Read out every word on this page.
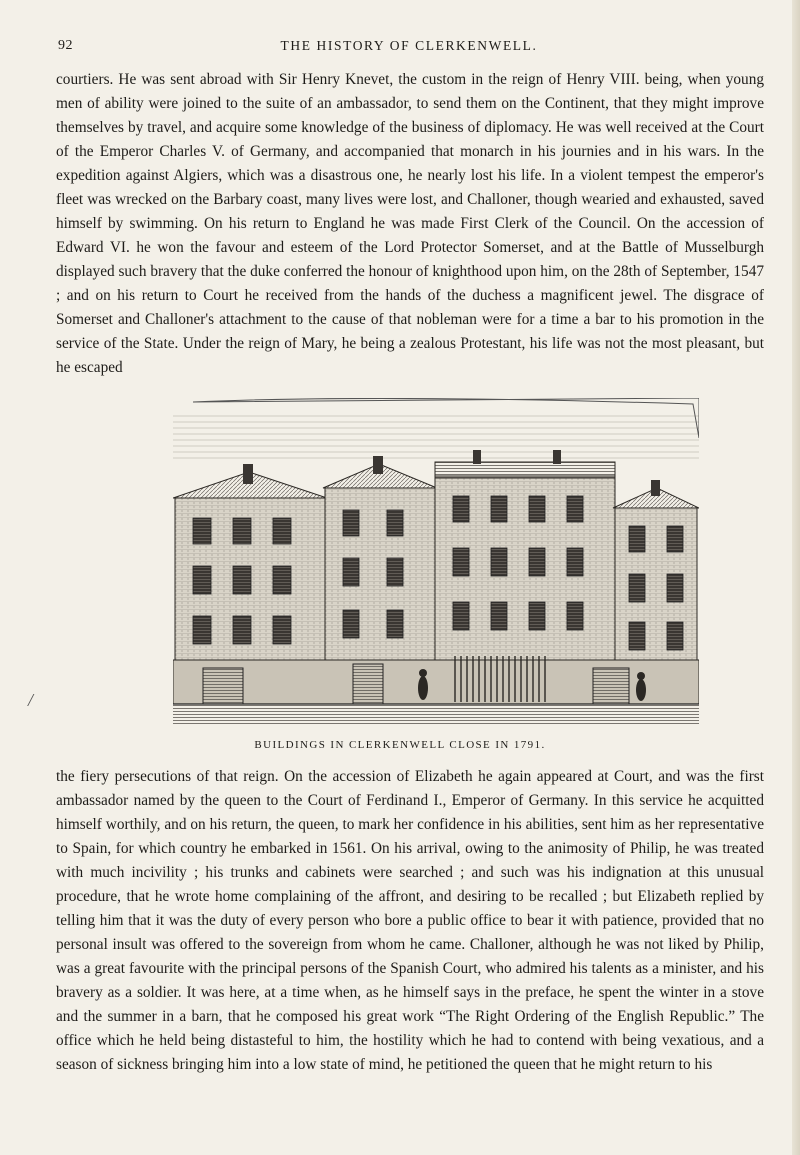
92	THE HISTORY OF CLERKENWELL.

courtiers. He was sent abroad with Sir Henry Knevet, the custom in the reign of Henry VIII. being, when young men of ability were joined to the suite of an ambassador, to send them on the Continent, that they might improve themselves by travel, and acquire some knowledge of the business of diplomacy. He was well received at the Court of the Emperor Charles V. of Germany, and accompanied that monarch in his journies and in his wars. In the expedition against Algiers, which was a disastrous one, he nearly lost his life. In a violent tempest the emperor's fleet was wrecked on the Barbary coast, many lives were lost, and Challoner, though wearied and exhausted, saved himself by swimming. On his return to England he was made First Clerk of the Council. On the accession of Edward VI. he won the favour and esteem of the Lord Protector Somerset, and at the Battle of Musselburgh displayed such bravery that the duke conferred the honour of knighthood upon him, on the 28th of September, 1547 ; and on his return to Court he received from the hands of the duchess a magnificent jewel. The disgrace of Somerset and Challoner's attachment to the cause of that nobleman were for a time a bar to his promotion in the service of the State. Under the reign of Mary, he being a zealous Protestant, his life was not the most pleasant, but he escaped

BUILDINGS IN CLERKENWELL CLOSE IN 1791.
/

the fiery persecutions of that reign. On the accession of Elizabeth he again appeared at Court, and was the first ambassador named by the queen to the Court of Ferdinand I., Emperor of Germany. In this service he acquitted himself worthily, and on his return, the queen, to mark her confidence in his abilities, sent him as her representative to Spain, for which country he embarked in 1561. On his arrival, owing to the animosity of Philip, he was treated with much incivility ; his trunks and cabinets were searched ; and such was his indignation at this unusual procedure, that he wrote home complaining of the affront, and desiring to be recalled ; but Elizabeth replied by telling him that it was the duty of every person who bore a public office to bear it with patience, provided that no personal insult was offered to the sovereign from whom he came. Challoner, although he was not liked by Philip, was a great favourite with the principal persons of the Spanish Court, who admired his talents as a minister, and his bravery as a soldier. It was here, at a time when, as he himself says in the preface, he spent the winter in a stove and the summer in a barn, that he composed his great work “The Right Ordering of the English Republic.” The office which he held being distasteful to him, the hostility which he had to contend with being vexatious, and a season of sickness bringing him into a low state of mind, he petitioned the queen that he might return to his
